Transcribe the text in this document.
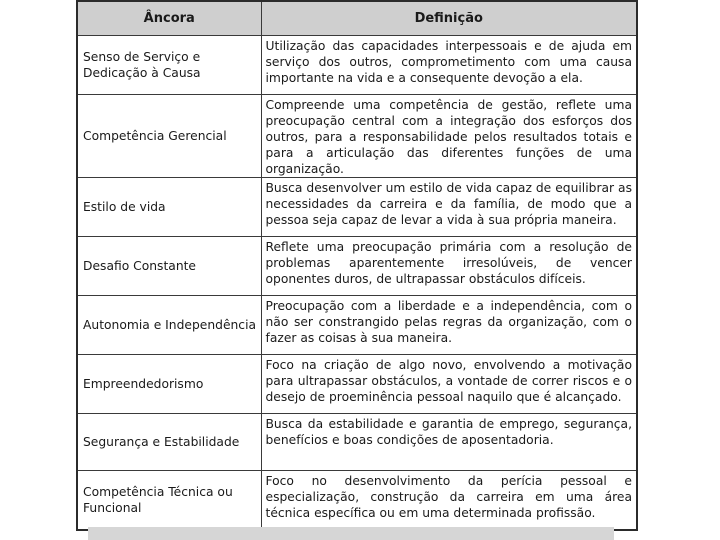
Âncora	Definição
Senso de Serviço e Dedicação à Causa	Utilização das capacidades interpessoais e de ajuda em serviço dos outros, comprometimento com uma causa importante na vida e a consequente devoção a ela.
Competência Gerencial	Compreende uma competência de gestão, reflete uma preocupação central com a integração dos esforços dos outros, para a responsabilidade pelos resultados totais e para a articulação das diferentes funções de uma organização.
Estilo de vida	Busca desenvolver um estilo de vida capaz de equilibrar as necessidades da carreira e da família, de modo que a pessoa seja capaz de levar a vida à sua própria maneira.
Desafio Constante	Reflete uma preocupação primária com a resolução de problemas aparentemente irresolúveis, de vencer oponentes duros, de ultrapassar obstáculos difíceis.
Autonomia e Independência	Preocupação com a liberdade e a independência, com o não ser constrangido pelas regras da organização, com o fazer as coisas à sua maneira.
Empreendedorismo	Foco na criação de algo novo, envolvendo a motivação para ultrapassar obstáculos, a vontade de correr riscos e o desejo de proeminência pessoal naquilo que é alcançado.
Segurança e Estabilidade	Busca da estabilidade e garantia de emprego, segurança, benefícios e boas condições de aposentadoria.
Competência Técnica ou Funcional	Foco no desenvolvimento da perícia pessoal e especialização, construção da carreira em uma área técnica específica ou em uma determinada profissão.
